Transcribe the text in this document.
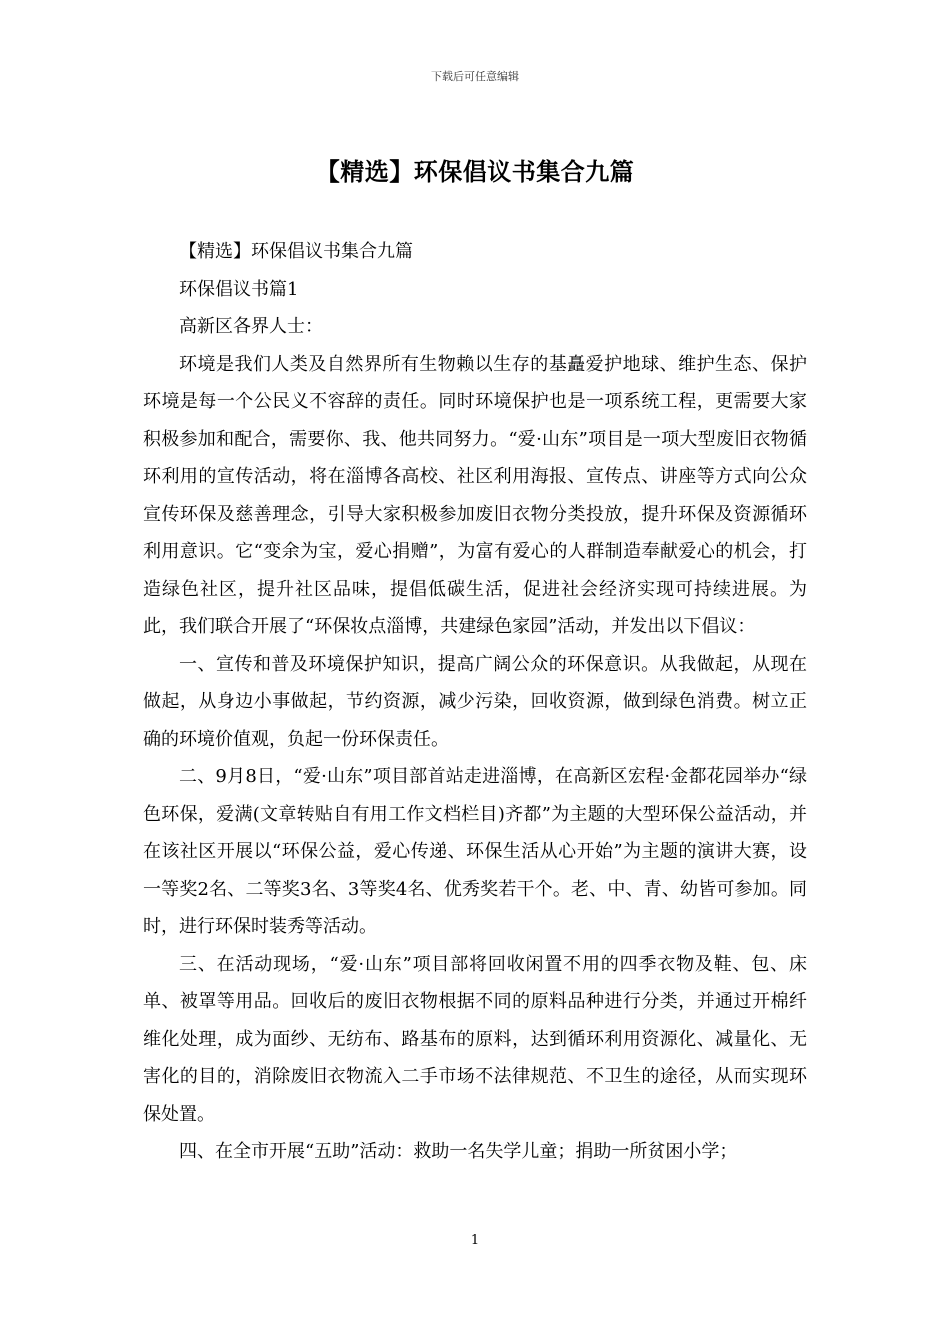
下载后可任意编辑
【精选】环保倡议书集合九篇

【精选】环保倡议书集合九篇

环保倡议书篇1

高新区各界人士：

环境是我们人类及自然界所有生物赖以生存的基矗爱护地球、维护生态、保护环境是每一个公民义不容辞的责任。同时环境保护也是一项系统工程，更需要大家积极参加和配合，需要你、我、他共同努力。“爱·山东”项目是一项大型废旧衣物循环利用的宣传活动，将在淄博各高校、社区利用海报、宣传点、讲座等方式向公众宣传环保及慈善理念，引导大家积极参加废旧衣物分类投放，提升环保及资源循环利用意识。它“变余为宝，爱心捐赠”，为富有爱心的人群制造奉献爱心的机会，打造绿色社区，提升社区品味，提倡低碳生活，促进社会经济实现可持续进展。为此，我们联合开展了“环保妆点淄博，共建绿色家园”活动，并发出以下倡议：

一、宣传和普及环境保护知识，提高广阔公众的环保意识。从我做起，从现在做起，从身边小事做起，节约资源，减少污染，回收资源，做到绿色消费。树立正确的环境价值观，负起一份环保责任。

二、9月8日，“爱·山东”项目部首站走进淄博，在高新区宏程·金都花园举办“绿色环保，爱满(文章转贴自有用工作文档栏目)齐都”为主题的大型环保公益活动，并在该社区开展以“环保公益，爱心传递、环保生活从心开始”为主题的演讲大赛，设一等奖2名、二等奖3名、3等奖4名、优秀奖若干个。老、中、青、幼皆可参加。同时，进行环保时装秀等活动。

三、在活动现场，“爱·山东”项目部将回收闲置不用的四季衣物及鞋、包、床单、被罩等用品。回收后的废旧衣物根据不同的原料品种进行分类，并通过开棉纤维化处理，成为面纱、无纺布、路基布的原料，达到循环利用资源化、减量化、无害化的目的，消除废旧衣物流入二手市场不法律规范、不卫生的途径，从而实现环保处置。

四、在全市开展“五助”活动：救助一名失学儿童；捐助一所贫困小学；

1
